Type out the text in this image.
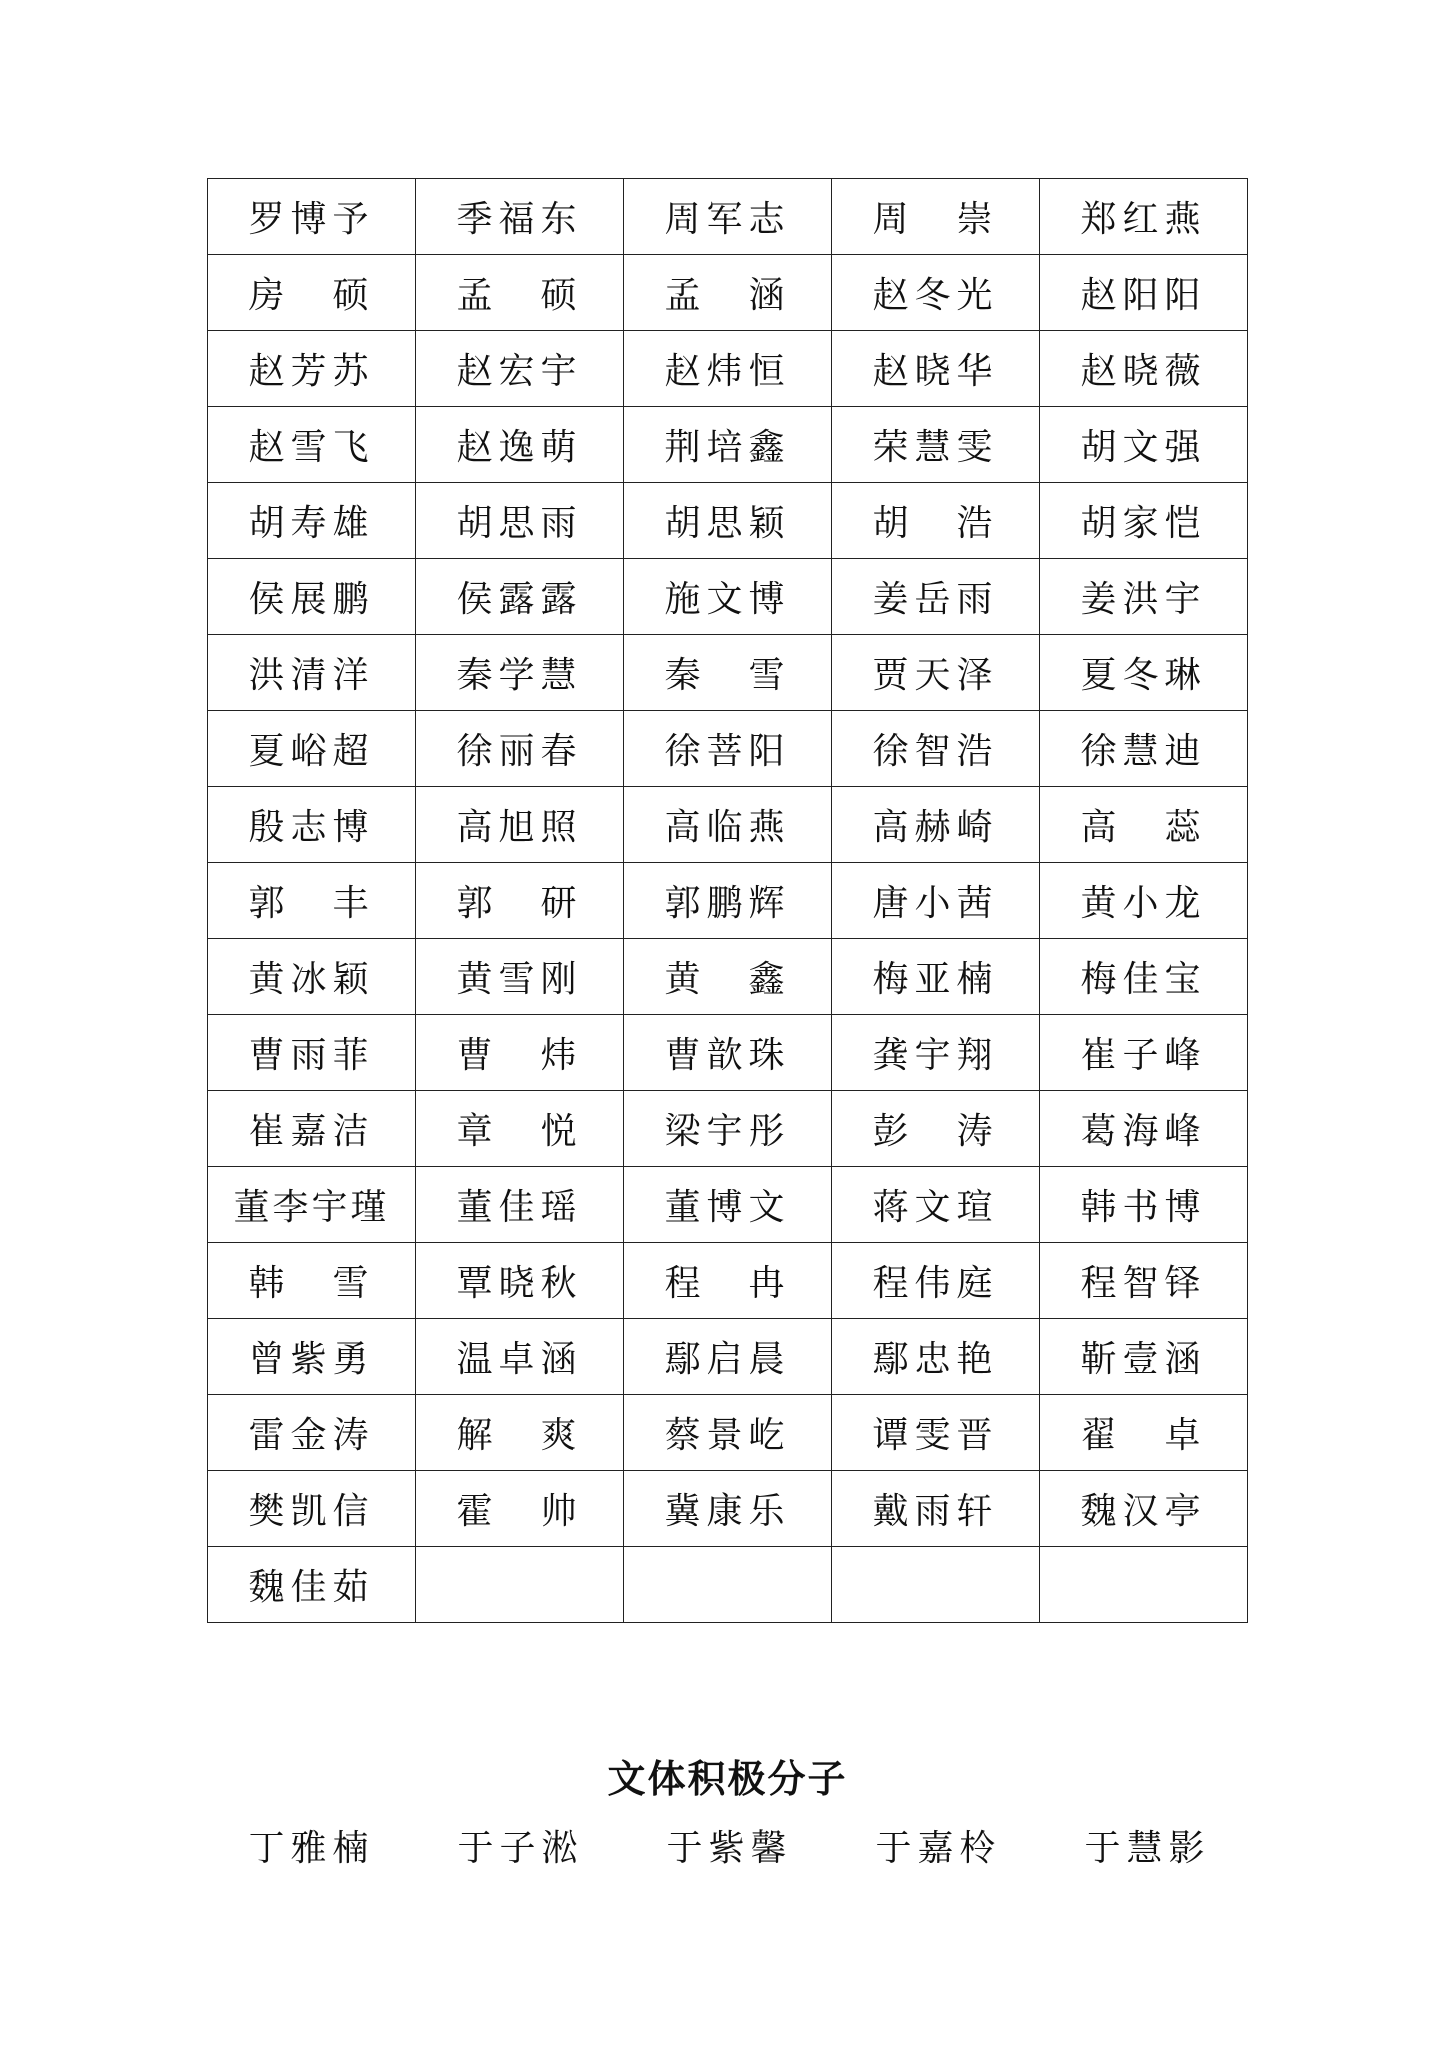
罗博予	季福东	周军志	周　崇	郑红燕
房　硕	孟　硕	孟　涵	赵冬光	赵阳阳
赵芳苏	赵宏宇	赵炜恒	赵晓华	赵晓薇
赵雪飞	赵逸萌	荆培鑫	荣慧雯	胡文强
胡寿雄	胡思雨	胡思颖	胡　浩	胡家恺
侯展鹏	侯露露	施文博	姜岳雨	姜洪宇
洪清洋	秦学慧	秦　雪	贾天泽	夏冬琳
夏峪超	徐丽春	徐菩阳	徐智浩	徐慧迪
殷志博	高旭照	高临燕	高赫崎	高　蕊
郭　丰	郭　研	郭鹏辉	唐小茜	黄小龙
黄冰颖	黄雪刚	黄　鑫	梅亚楠	梅佳宝
曹雨菲	曹　炜	曹歆珠	龚宇翔	崔子峰
崔嘉洁	章　悦	梁宇彤	彭　涛	葛海峰
董李宇瑾	董佳瑶	董博文	蒋文瑄	韩书博
韩　雪	覃晓秋	程　冉	程伟庭	程智铎
曾紫勇	温卓涵	鄢启晨	鄢忠艳	靳壹涵
雷金涛	解　爽	蔡景屹	谭雯晋	翟　卓
樊凯信	霍　帅	冀康乐	戴雨轩	魏汉亭
魏佳茹				
文体积极分子
丁雅楠	于子淞	于紫馨	于嘉柃	于慧影
